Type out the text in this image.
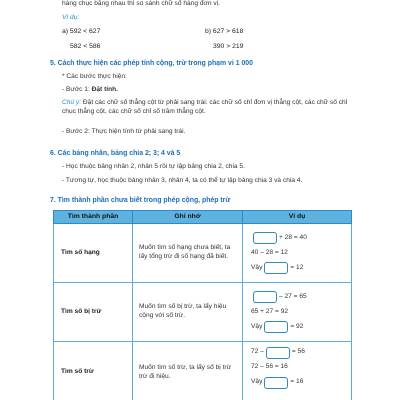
hàng chục bằng nhau thì so sánh chữ số hàng đơn vị.
Ví dụ:
a) 592 < 627	b) 627 > 618
582 < 586	390 > 219
5. Cách thực hiện các phép tính cộng, trừ trong phạm vi 1 000
* Các bước thực hiện:
- Bước 1: Đặt tính.
Chú ý: Đặt các chữ số thẳng cột từ phải sang trái: các chữ số chỉ đơn vị thẳng cột, các chữ số chỉ chục thẳng cột, các chữ số chỉ số trăm thẳng cột.
- Bước 2: Thực hiện tính từ phải sang trái.
6. Các bảng nhân, bảng chia 2; 3; 4 và 5
- Học thuộc bảng nhân 2, nhân 5 rồi tự lập bảng chia 2, chia 5.
- Tương tự, học thuộc bảng nhân 3, nhân 4, ta có thể tự lập bảng chia 3 và chia 4.
7. Tìm thành phần chưa biết trong phép cộng, phép trừ
Tìm thành phần	Ghi nhớ	Ví dụ
Tìm số hạng	Muốn tìm số hạng chưa biết, ta lấy tổng trừ đi số hạng đã biết.	+ 28 = 40
40 – 28 = 12
Vậy = 12

Tìm số bị trừ	Muốn tìm số bị trừ, ta lấy hiệu cộng với số trừ.	– 27 = 65
65 + 27 = 92
Vậy = 92

Tìm số trừ	Muốn tìm số trừ, ta lấy số bị trừ trừ đi hiệu.	72 – = 56
72 – 56 = 16
Vậy = 16
